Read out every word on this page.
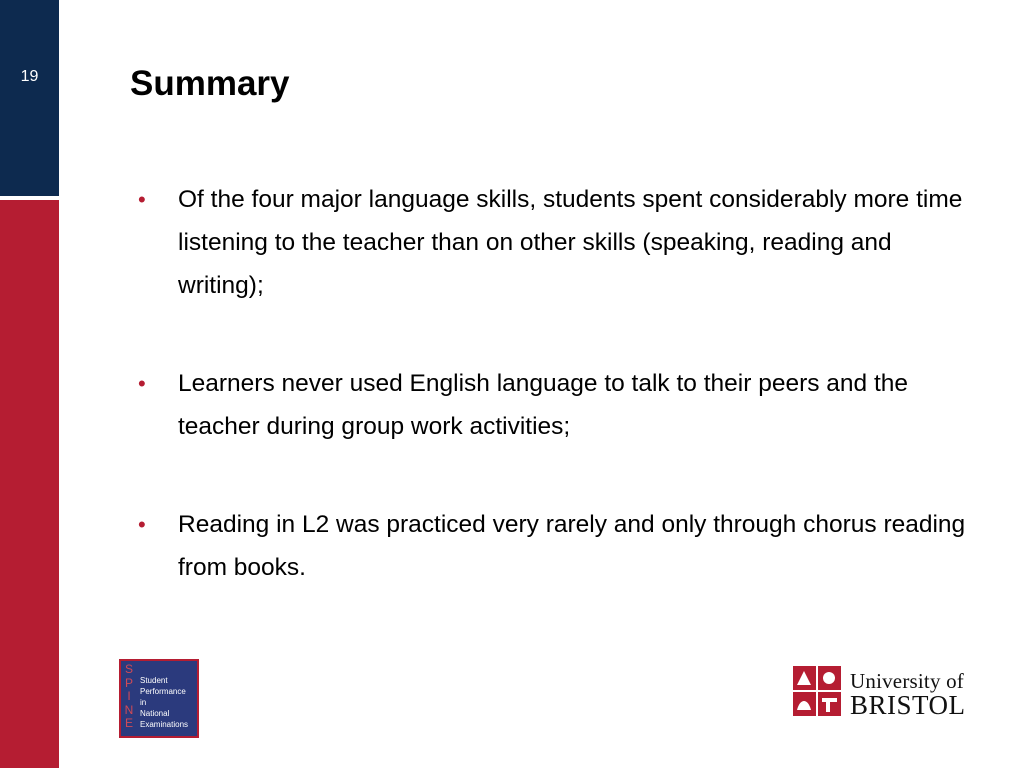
19	Summary
• Of the four major language skills, students spent considerably more time listening to the teacher than on other skills (speaking, reading and writing);
• Learners never used English language to talk to their peers and the teacher during group work activities;
• Reading in L2 was practiced very rarely and only through chorus reading from books.
S
P
I
N
E
Student
Performance
in
National
Examinations
University of
BRISTOL
